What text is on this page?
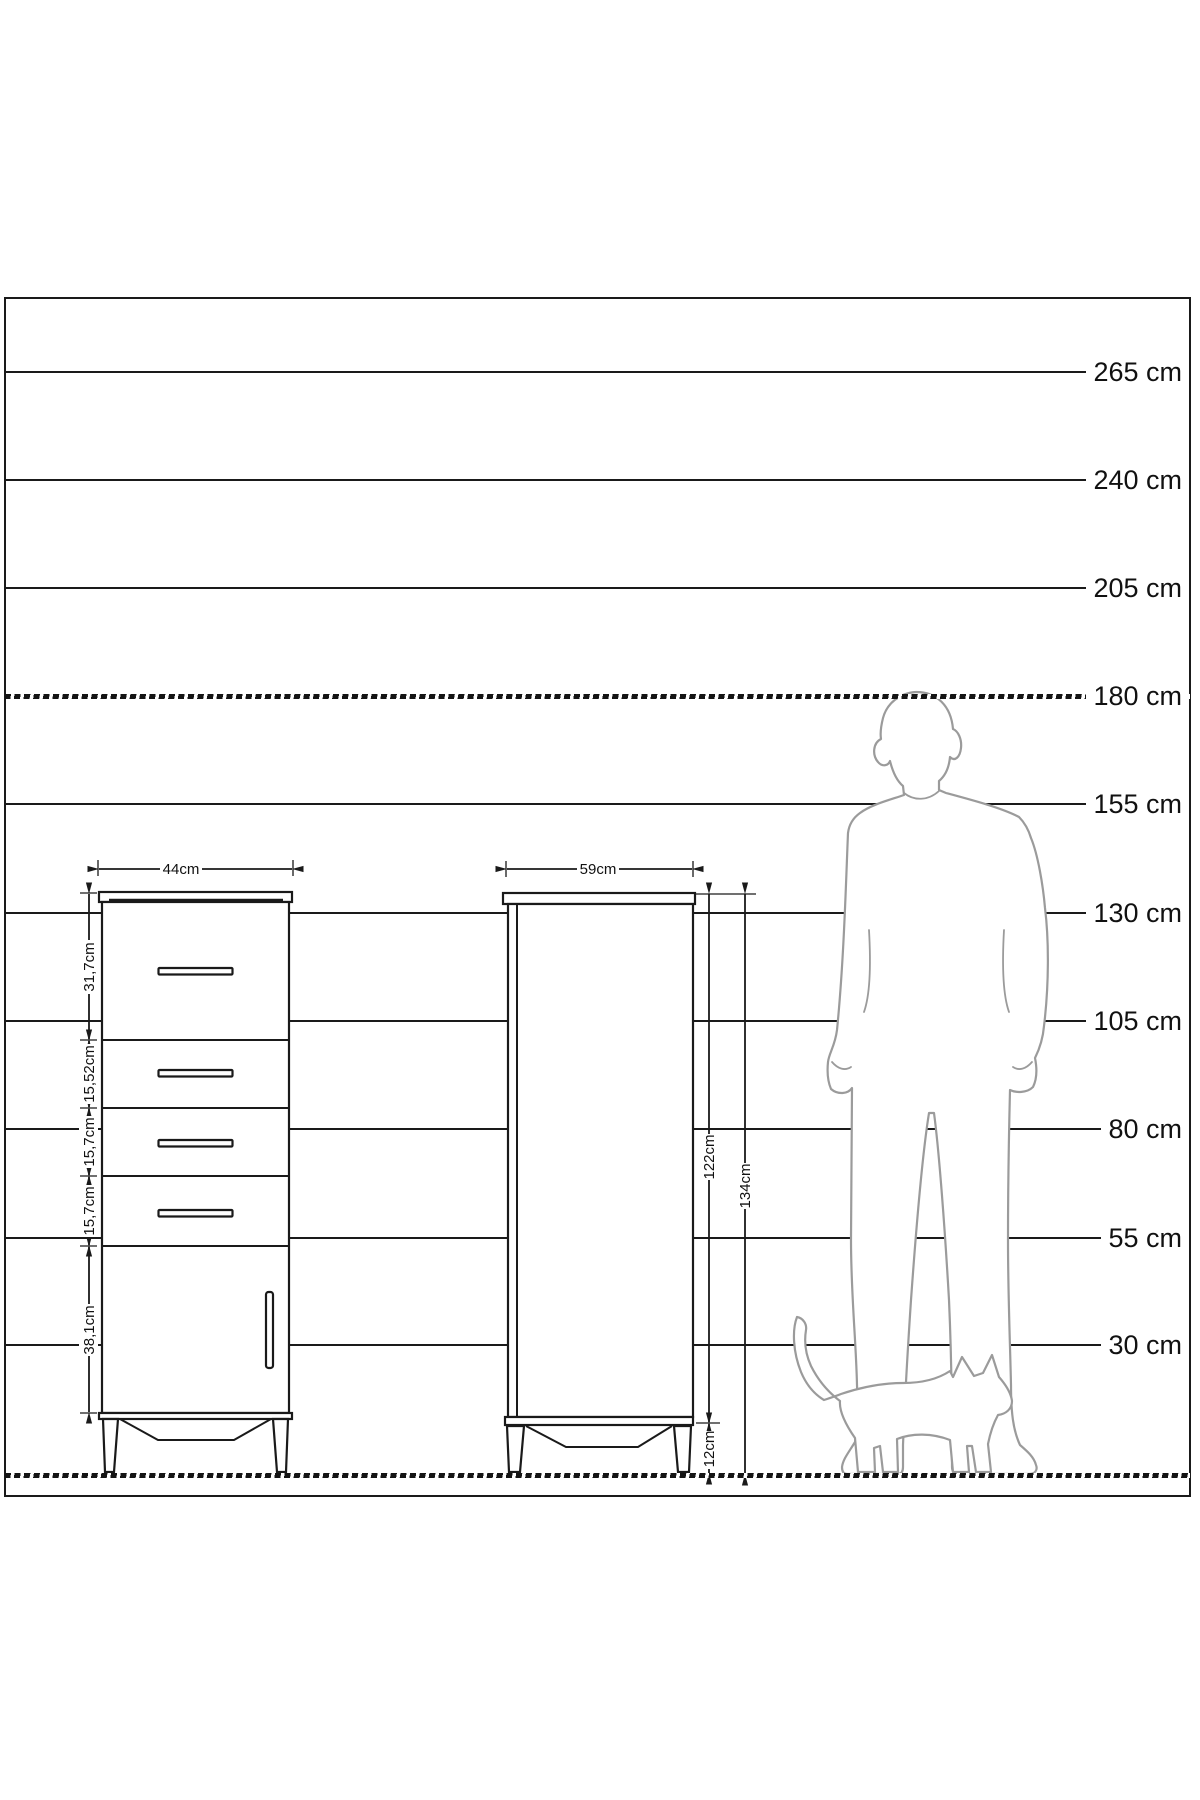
265 cm
240 cm
205 cm
180 cm
155 cm
130 cm
105 cm
80 cm
55 cm
30 cm
44cm	59cm
31,7cm
15,52cm
15,7cm
15,7cm
38,1cm
122cm
134cm
12cm
